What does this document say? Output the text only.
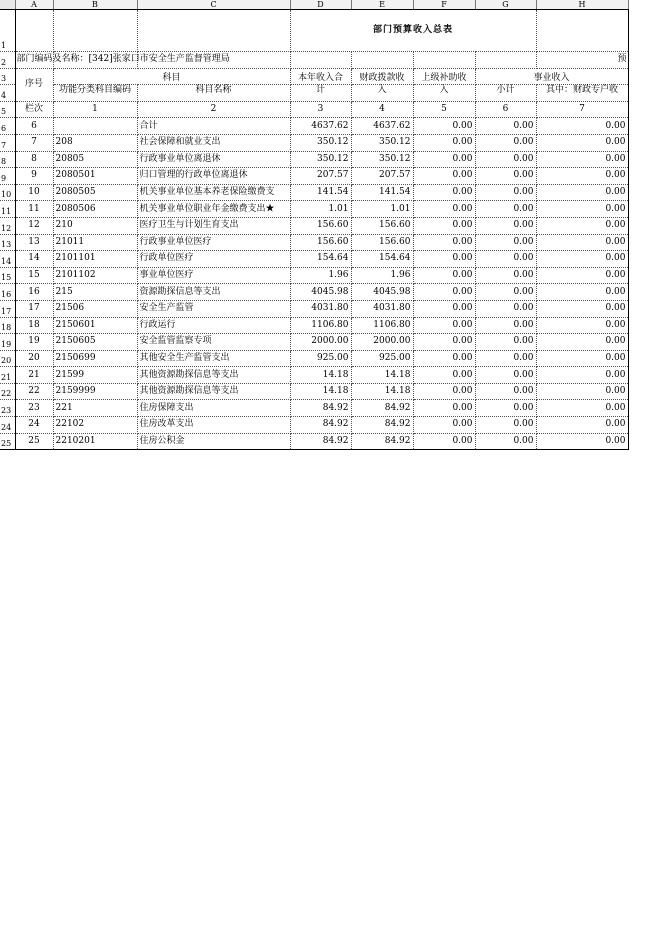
	A	B	C	D	E	F	G	H
1				部门预算收入总表				
2	部门编码及名称：[342]张家口市安全生产监督管理局							预
3	序号	科目		本年收入合	财政拨款收	上级补助收	事业收入	
4		功能分类科目编码	科目名称	计	入	入	小计	其中：财政专户收
5	栏次	1	2	3	4	5	6	7
6	6		合计	4637.62	4637.62	0.00	0.00	0.00
7	7	208	社会保障和就业支出	350.12	350.12	0.00	0.00	0.00
8	8	20805	行政事业单位离退休	350.12	350.12	0.00	0.00	0.00
9	9	2080501	归口管理的行政单位离退休	207.57	207.57	0.00	0.00	0.00
10	10	2080505	机关事业单位基本养老保险缴费支	141.54	141.54	0.00	0.00	0.00
11	11	2080506	机关事业单位职业年金缴费支出★	1.01	1.01	0.00	0.00	0.00
12	12	210	医疗卫生与计划生育支出	156.60	156.60	0.00	0.00	0.00
13	13	21011	行政事业单位医疗	156.60	156.60	0.00	0.00	0.00
14	14	2101101	行政单位医疗	154.64	154.64	0.00	0.00	0.00
15	15	2101102	事业单位医疗	1.96	1.96	0.00	0.00	0.00
16	16	215	资源勘探信息等支出	4045.98	4045.98	0.00	0.00	0.00
17	17	21506	安全生产监管	4031.80	4031.80	0.00	0.00	0.00
18	18	2150601	行政运行	1106.80	1106.80	0.00	0.00	0.00
19	19	2150605	安全监管监察专项	2000.00	2000.00	0.00	0.00	0.00
20	20	2150699	其他安全生产监管支出	925.00	925.00	0.00	0.00	0.00
21	21	21599	其他资源勘探信息等支出	14.18	14.18	0.00	0.00	0.00
22	22	2159999	其他资源勘探信息等支出	14.18	14.18	0.00	0.00	0.00
23	23	221	住房保障支出	84.92	84.92	0.00	0.00	0.00
24	24	22102	住房改革支出	84.92	84.92	0.00	0.00	0.00
25	25	2210201	住房公积金	84.92	84.92	0.00	0.00	0.00
